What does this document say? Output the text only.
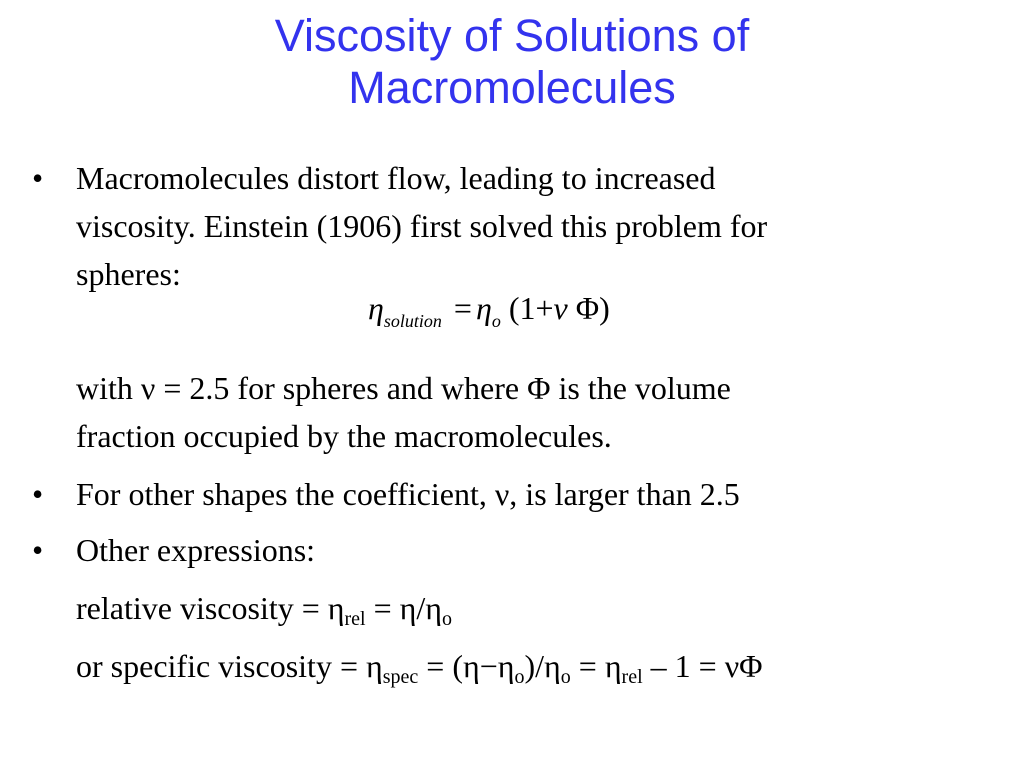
Viscosity of Solutions of
Macromolecules
• Macromolecules distort flow, leading to increased
viscosity. Einstein (1906) first solved this problem for
spheres:
$\eta_{solution} = \eta_o$ (1+ν Φ)
with ν = 2.5 for spheres and where Φ is the volume
fraction occupied by the macromolecules.
• For other shapes the coefficient, ν, is larger than 2.5
• Other expressions:
relative viscosity = $\eta_{rel} = \eta/\eta_o$
or specific viscosity = $\eta_{spec} = (\eta-\eta_o)/\eta_o = \eta_{rel} - 1 = \nu\Phi$
